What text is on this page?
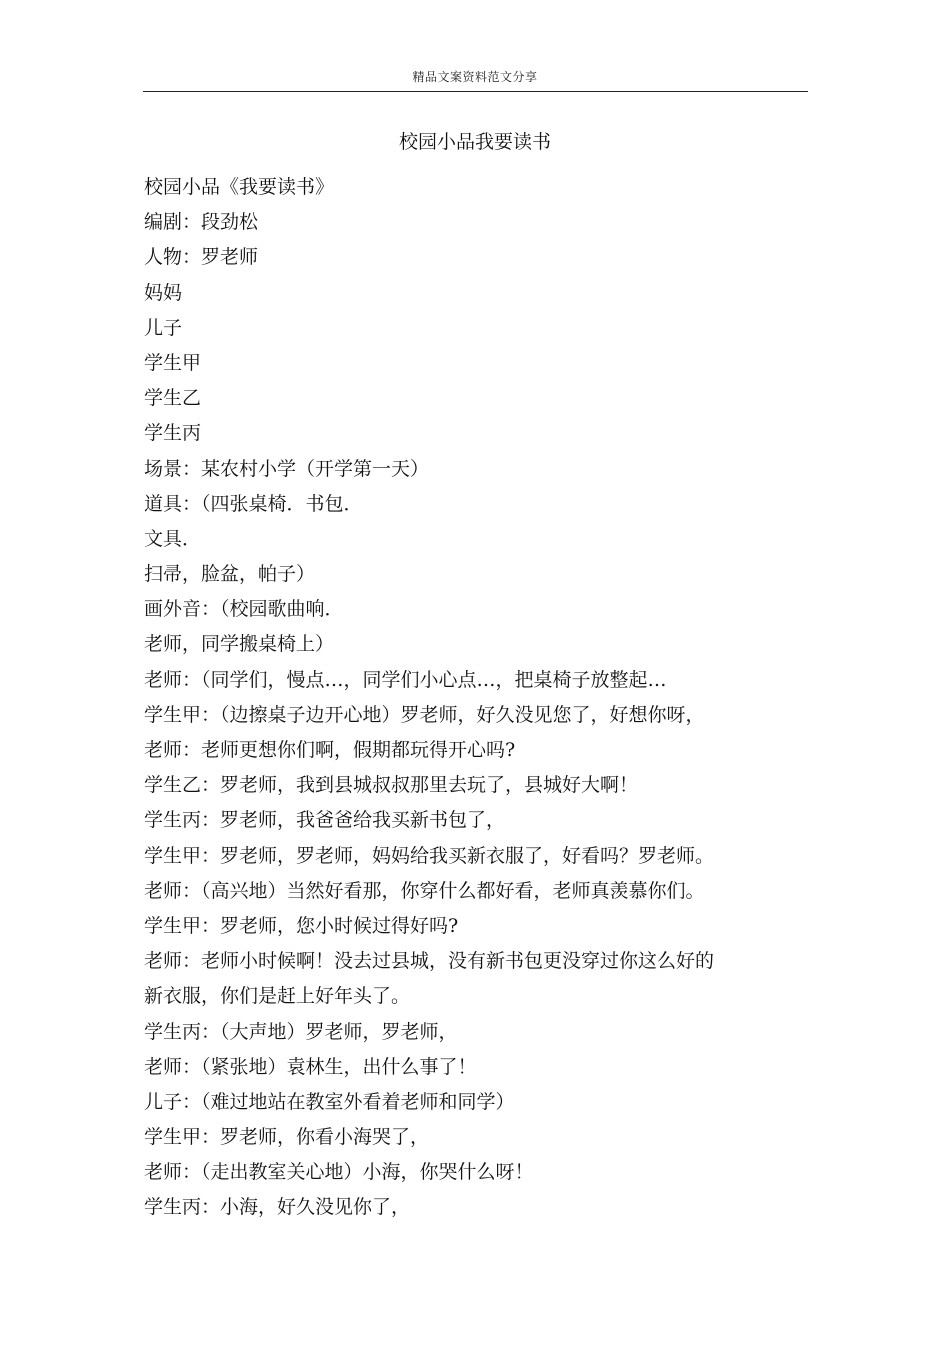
精品文案资料范文分享
校园小品我要读书
校园小品《我要读书》
编剧：段劲松
人物：罗老师
妈妈
儿子
学生甲
学生乙
学生丙
场景：某农村小学（开学第一天）
道具：（四张桌椅．书包．
文具．
扫帚，脸盆，帕子）
画外音：（校园歌曲响．
老师，同学搬桌椅上）
老师：（同学们，慢点…，同学们小心点…，把桌椅子放整起…
学生甲：（边擦桌子边开心地）罗老师，好久没见您了，好想你呀，
老师：老师更想你们啊，假期都玩得开心吗?
学生乙：罗老师，我到县城叔叔那里去玩了，县城好大啊！
学生丙：罗老师，我爸爸给我买新书包了，
学生甲：罗老师，罗老师，妈妈给我买新衣服了，好看吗？罗老师。
老师：（高兴地）当然好看那，你穿什么都好看，老师真羡慕你们。
学生甲：罗老师，您小时候过得好吗?
老师：老师小时候啊！没去过县城，没有新书包更没穿过你这么好的
新衣服，你们是赶上好年头了。
学生丙：（大声地）罗老师，罗老师，
老师：（紧张地）袁林生，出什么事了！
儿子：（难过地站在教室外看着老师和同学）
学生甲：罗老师，你看小海哭了，
老师：（走出教室关心地）小海，你哭什么呀！
学生丙：小海，好久没见你了，
